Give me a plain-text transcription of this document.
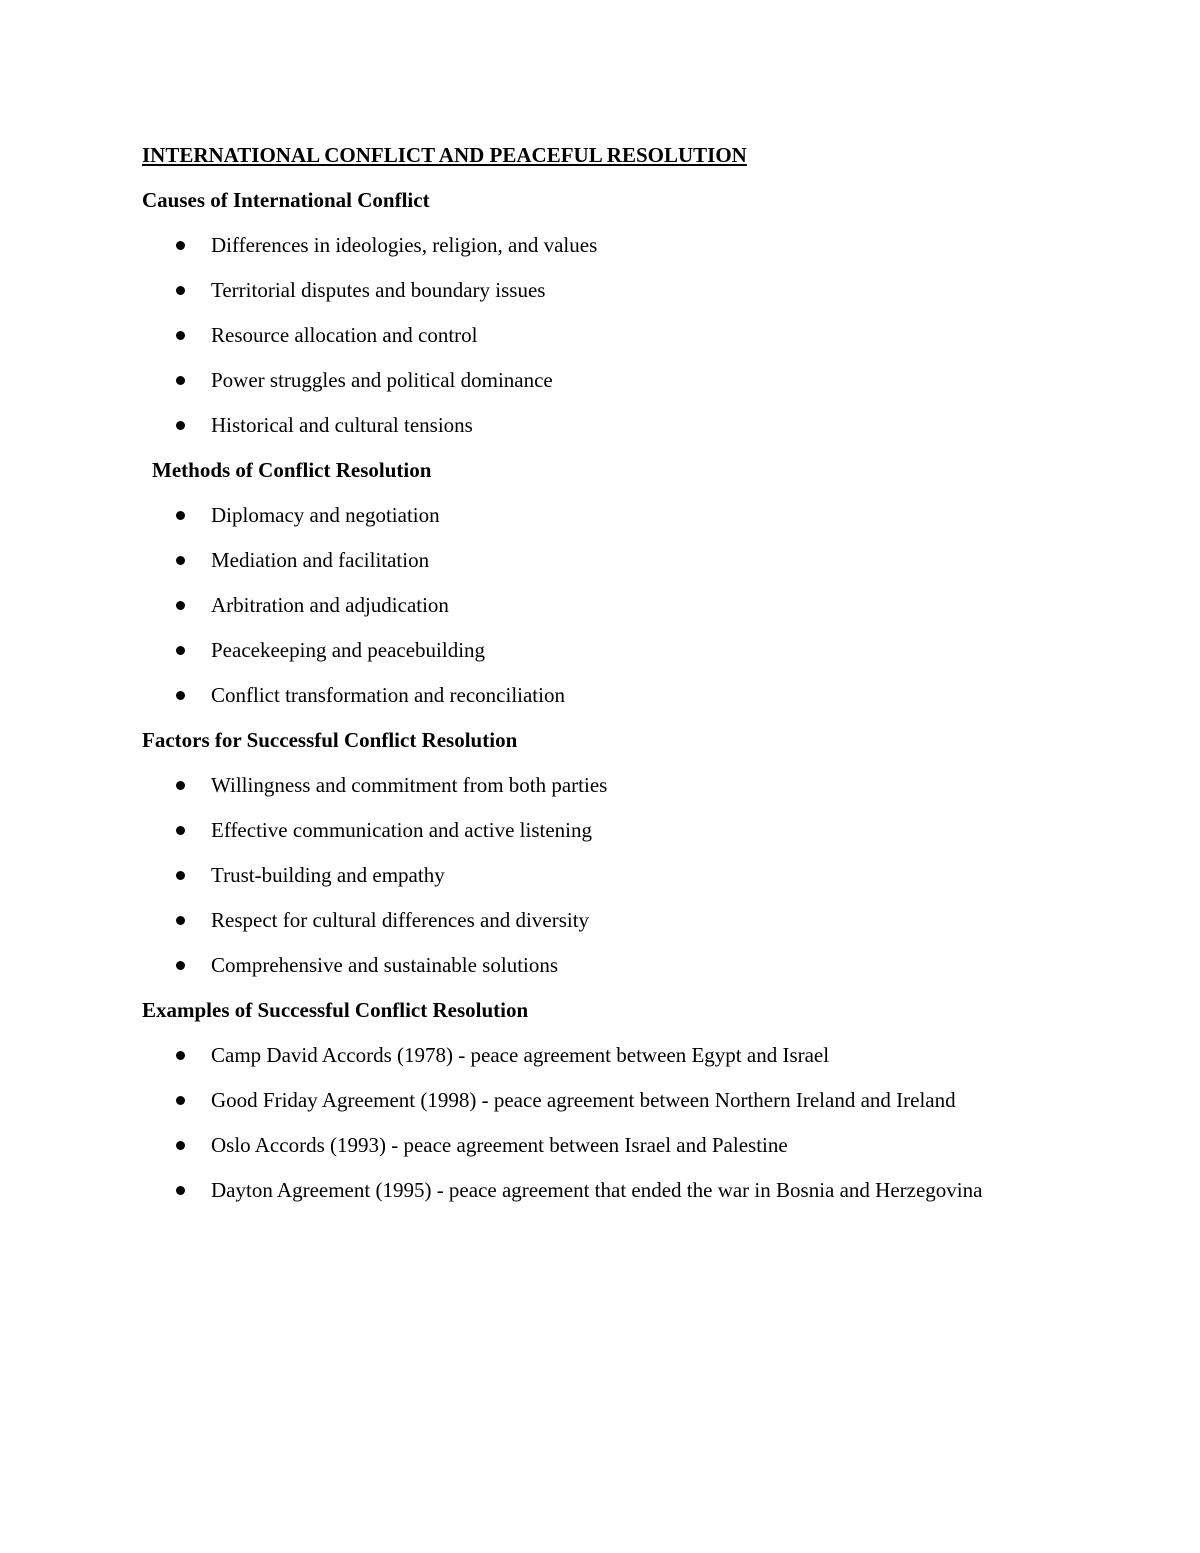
INTERNATIONAL CONFLICT AND PEACEFUL RESOLUTION
Causes of International Conflict
Differences in ideologies, religion, and values
Territorial disputes and boundary issues
Resource allocation and control
Power struggles and political dominance
Historical and cultural tensions
Methods of Conflict Resolution
Diplomacy and negotiation
Mediation and facilitation
Arbitration and adjudication
Peacekeeping and peacebuilding
Conflict transformation and reconciliation
Factors for Successful Conflict Resolution
Willingness and commitment from both parties
Effective communication and active listening
Trust-building and empathy
Respect for cultural differences and diversity
Comprehensive and sustainable solutions
Examples of Successful Conflict Resolution
Camp David Accords (1978) - peace agreement between Egypt and Israel
Good Friday Agreement (1998) - peace agreement between Northern Ireland and Ireland
Oslo Accords (1993) - peace agreement between Israel and Palestine
Dayton Agreement (1995) - peace agreement that ended the war in Bosnia and Herzegovina
